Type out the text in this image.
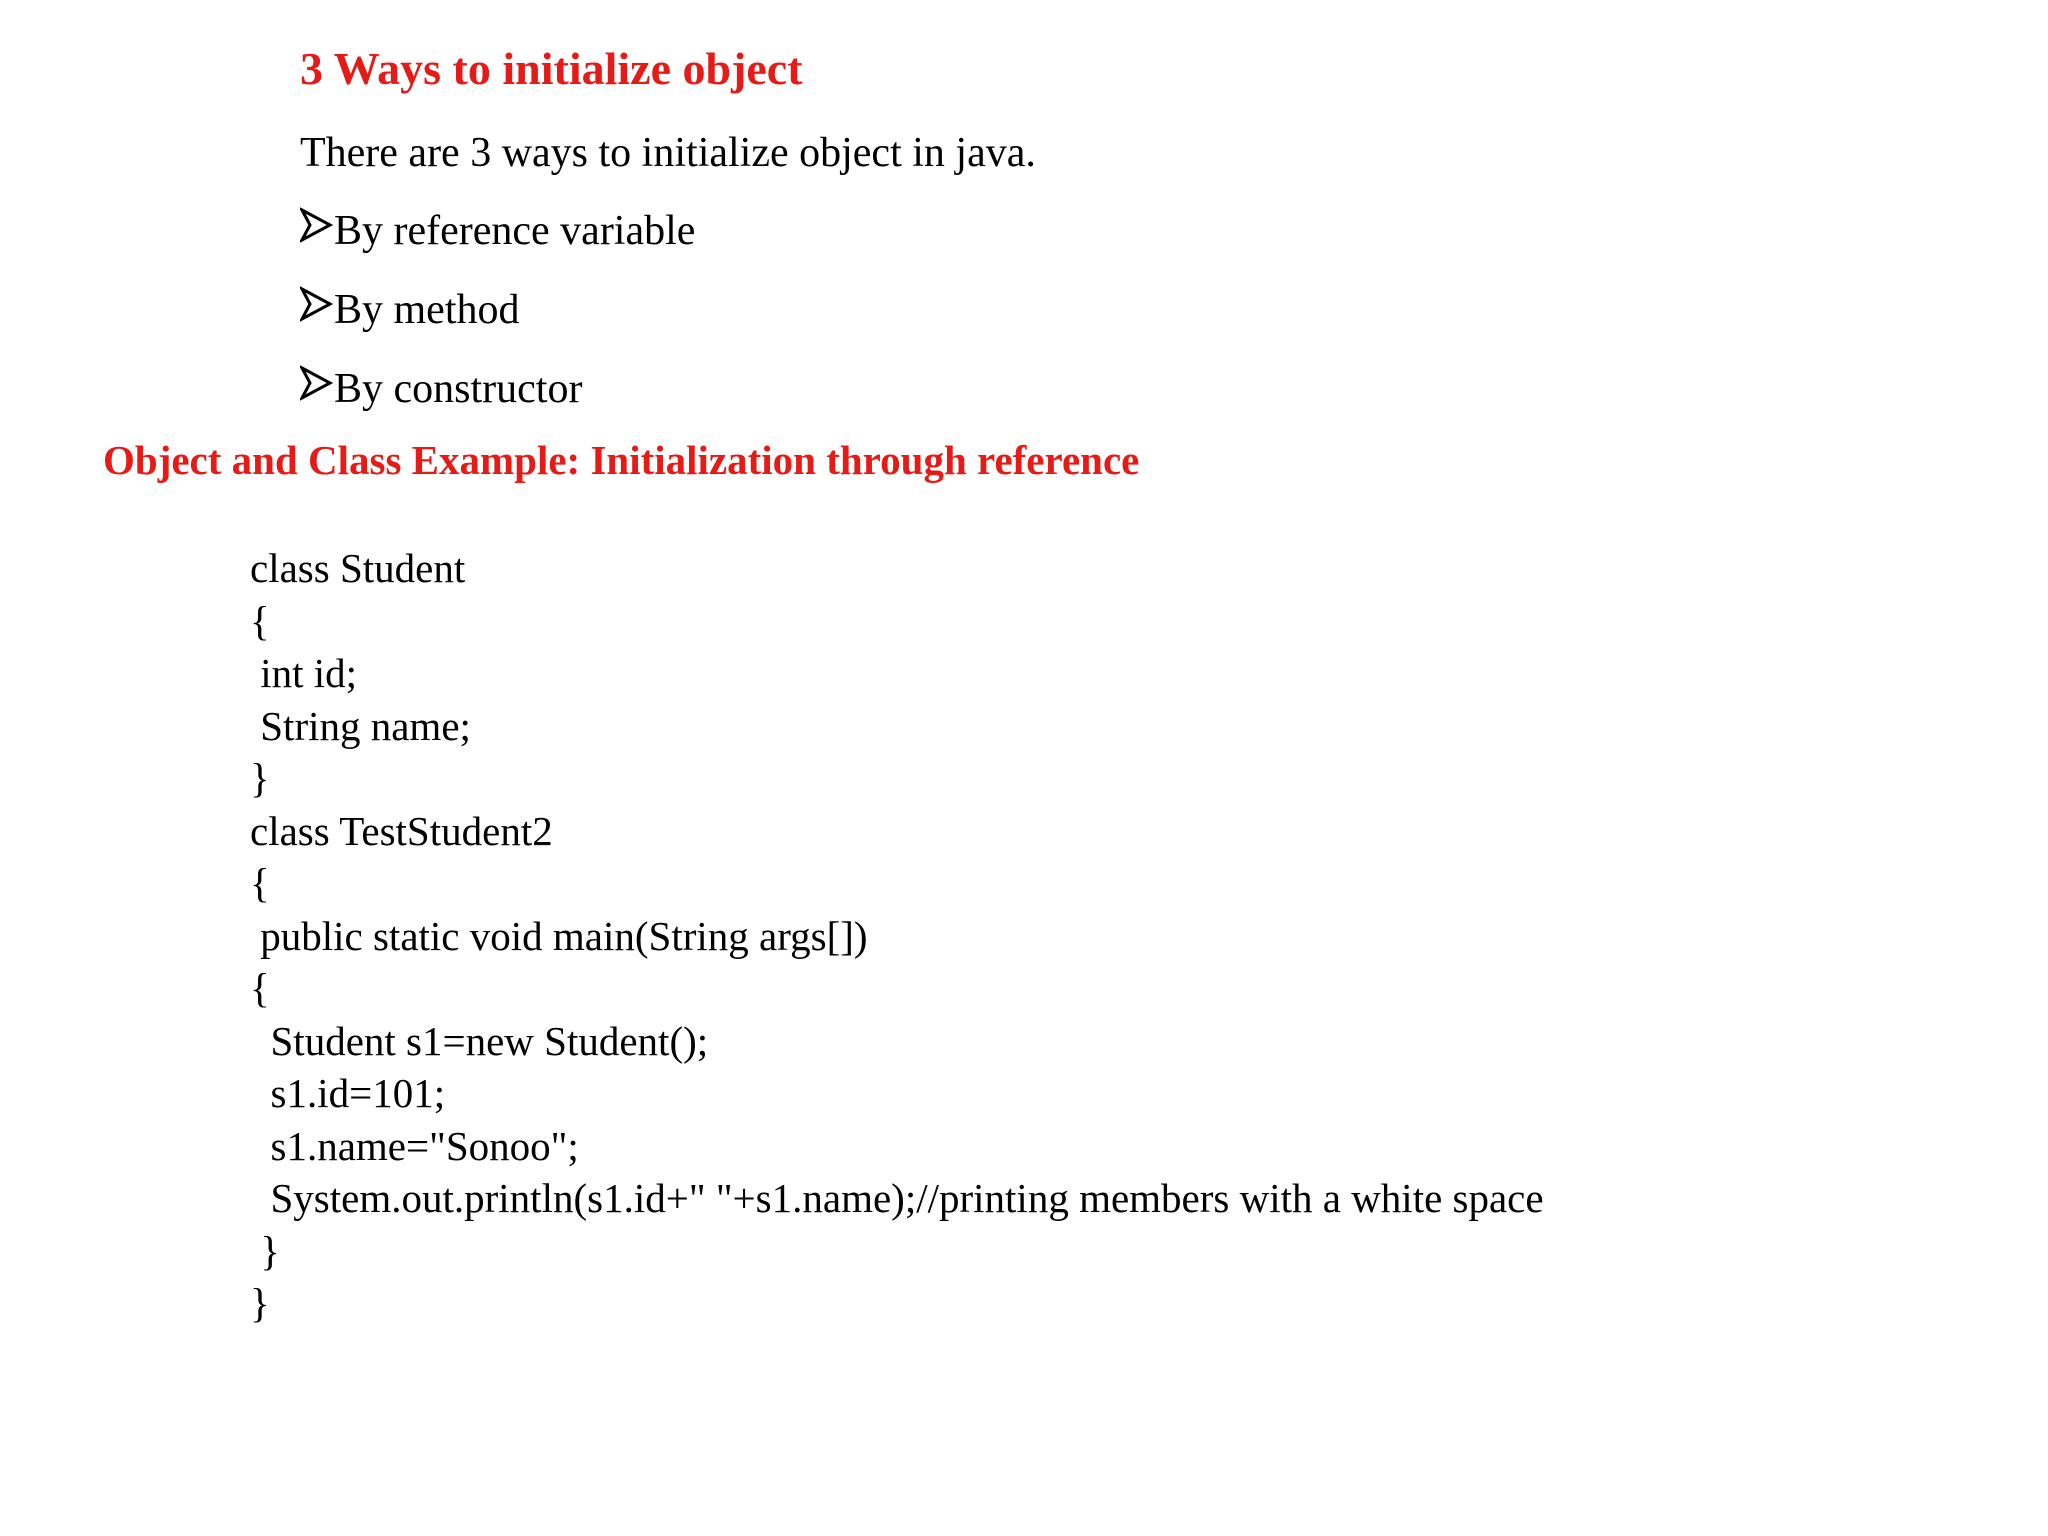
3 Ways to initialize object
There are 3 ways to initialize object in java.
By reference variable
By method
By constructor
Object and Class Example: Initialization through reference
class Student
{
int id;
String name;
}
class TestStudent2
{
public static void main(String args[])
{
Student s1=new Student();
s1.id=101;
s1.name="Sonoo";
System.out.println(s1.id+" "+s1.name);//printing members with a white space
}
}
